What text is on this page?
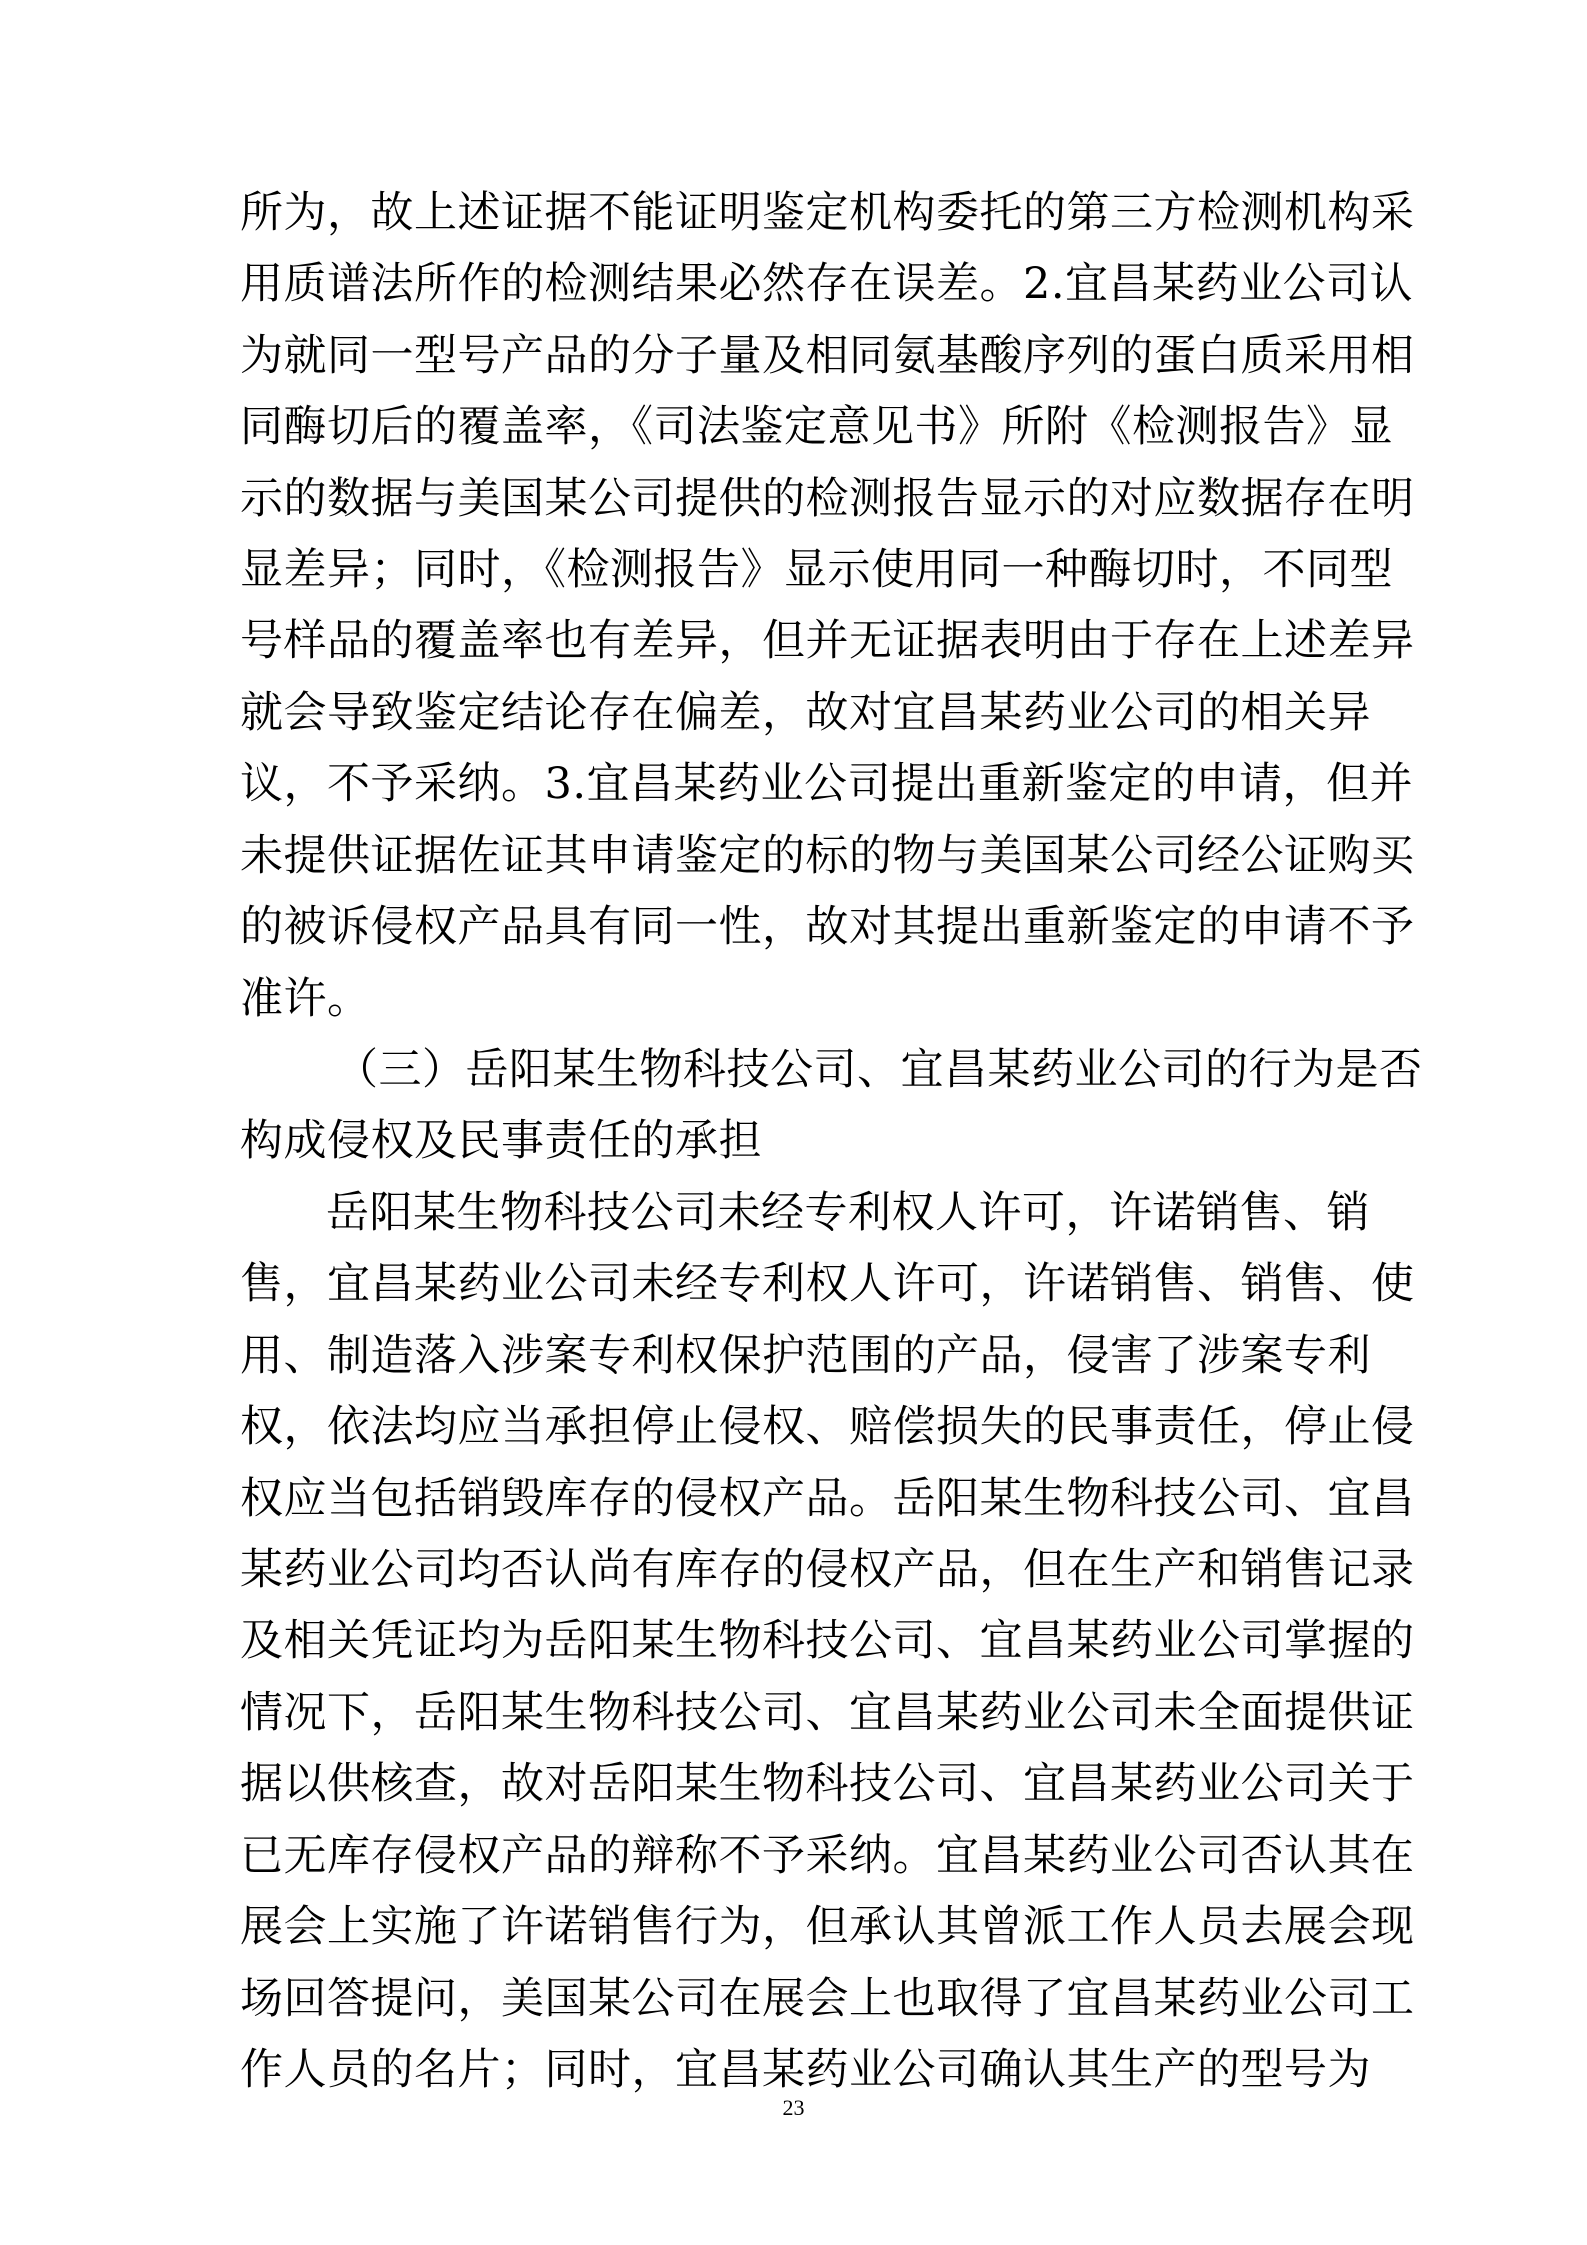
所为，故上述证据不能证明鉴定机构委托的第三方检测机构采
用质谱法所作的检测结果必然存在误差。2.宜昌某药业公司认
为就同一型号产品的分子量及相同氨基酸序列的蛋白质采用相
同酶切后的覆盖率，《司法鉴定意见书》所附《检测报告》显
示的数据与美国某公司提供的检测报告显示的对应数据存在明
显差异；同时，《检测报告》显示使用同一种酶切时，不同型
号样品的覆盖率也有差异，但并无证据表明由于存在上述差异
就会导致鉴定结论存在偏差，故对宜昌某药业公司的相关异
议，不予采纳。3.宜昌某药业公司提出重新鉴定的申请，但并
未提供证据佐证其申请鉴定的标的物与美国某公司经公证购买
的被诉侵权产品具有同一性，故对其提出重新鉴定的申请不予
准许。
（三）岳阳某生物科技公司、宜昌某药业公司的行为是否
构成侵权及民事责任的承担
岳阳某生物科技公司未经专利权人许可，许诺销售、销
售，宜昌某药业公司未经专利权人许可，许诺销售、销售、使
用、制造落入涉案专利权保护范围的产品，侵害了涉案专利
权，依法均应当承担停止侵权、赔偿损失的民事责任，停止侵
权应当包括销毁库存的侵权产品。岳阳某生物科技公司、宜昌
某药业公司均否认尚有库存的侵权产品，但在生产和销售记录
及相关凭证均为岳阳某生物科技公司、宜昌某药业公司掌握的
情况下，岳阳某生物科技公司、宜昌某药业公司未全面提供证
据以供核查，故对岳阳某生物科技公司、宜昌某药业公司关于
已无库存侵权产品的辩称不予采纳。宜昌某药业公司否认其在
展会上实施了许诺销售行为，但承认其曾派工作人员去展会现
场回答提问，美国某公司在展会上也取得了宜昌某药业公司工
作人员的名片；同时，宜昌某药业公司确认其生产的型号为
23
